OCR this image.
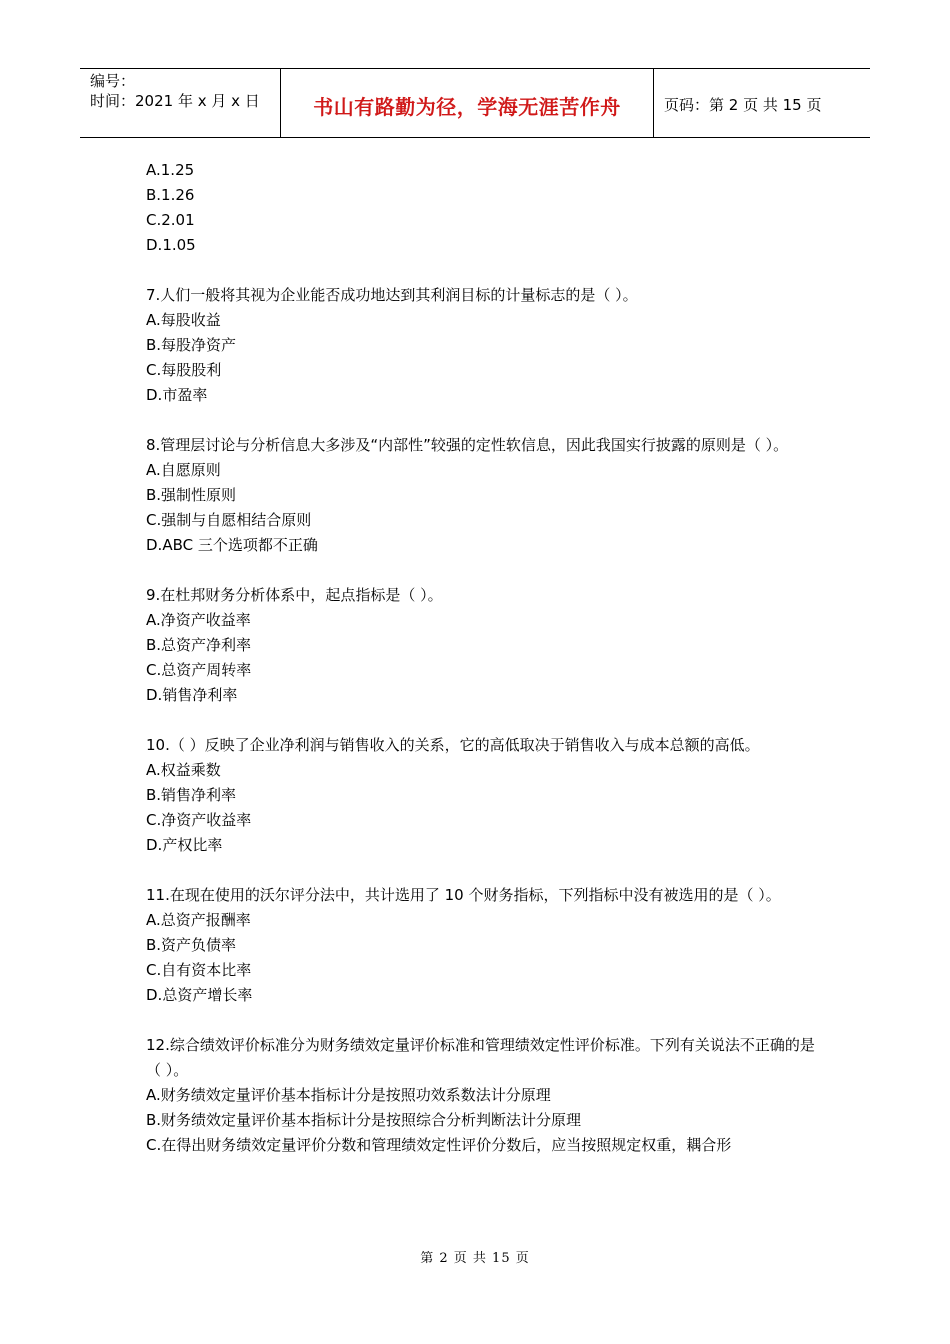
编号：
时间：2021 年 x 月 x 日	书山有路勤为径，学海无涯苦作舟	页码：第 2 页 共 15 页
A.1.25
B.1.26
C.2.01
D.1.05
7.人们一般将其视为企业能否成功地达到其利润目标的计量标志的是（ ）。
A.每股收益
B.每股净资产
C.每股股利
D.市盈率
8.管理层讨论与分析信息大多涉及“内部性”较强的定性软信息，因此我国实行披露的原则是（ ）。
A.自愿原则
B.强制性原则
C.强制与自愿相结合原则
D.ABC 三个选项都不正确
9.在杜邦财务分析体系中，起点指标是（ ）。
A.净资产收益率
B.总资产净利率
C.总资产周转率
D.销售净利率
10.（ ）反映了企业净利润与销售收入的关系，它的高低取决于销售收入与成本总额的高低。
A.权益乘数
B.销售净利率
C.净资产收益率
D.产权比率
11.在现在使用的沃尔评分法中，共计选用了 10 个财务指标，下列指标中没有被选用的是（ ）。
A.总资产报酬率
B.资产负债率
C.自有资本比率
D.总资产增长率
12.综合绩效评价标准分为财务绩效定量评价标准和管理绩效定性评价标准。下列有关说法不正确的是（ ）。
A.财务绩效定量评价基本指标计分是按照功效系数法计分原理
B.财务绩效定量评价基本指标计分是按照综合分析判断法计分原理
C.在得出财务绩效定量评价分数和管理绩效定性评价分数后，应当按照规定权重，耦合形
第 2 页 共 15 页
